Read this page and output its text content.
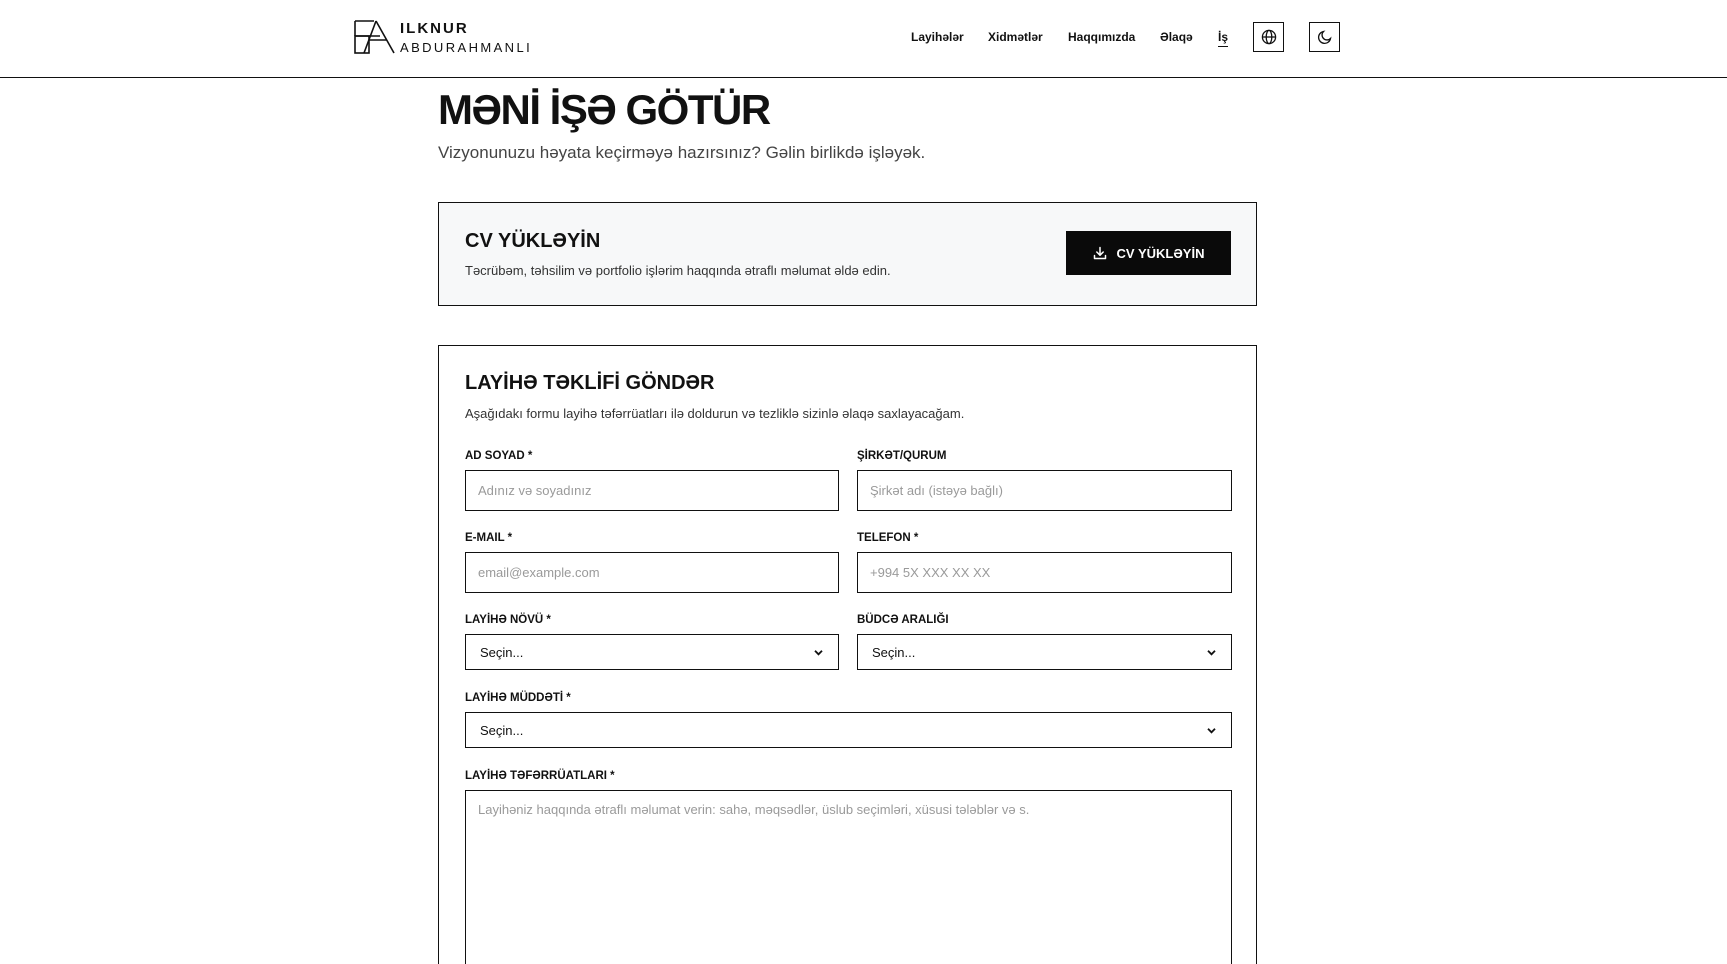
ILKNUR
ABDURAHMANLI
Layihələr Xidmətlər Haqqımızda Əlaqə İş
MƏNİ İŞƏ GÖTÜR

Vizyonunuzu həyata keçirməyə hazırsınız? Gəlin birlikdə işləyək.

CV YÜKLƏYİN

Təcrübəm, təhsilim və portfolio işlərim haqqında ətraflı məlumat əldə edin.

CV YÜKLƏYİN
LAYİHƏ TƏKLİFİ GÖNDƏR

Aşağıdakı formu layihə təfərrüatları ilə doldurun və tezliklə sizinlə əlaqə saxlayacağam.

AD SOYAD *
Adınız və soyadınız	ŞİRKƏT/QURUM
Şirkət adı (istəyə bağlı)
E-MAIL *
email@example.com	TELEFON *
+994 5X XXX XX XX
LAYİHƏ NÖVÜ *
Seçin...
BÜDCƏ ARALIĞI
Seçin...
LAYİHƏ MÜDDƏTİ *
Seçin...
LAYİHƏ TƏFƏRRÜATLARI *
Layihəniz haqqında ətraflı məlumat verin: sahə, məqsədlər, üslub seçimləri, xüsusi tələblər və s.
